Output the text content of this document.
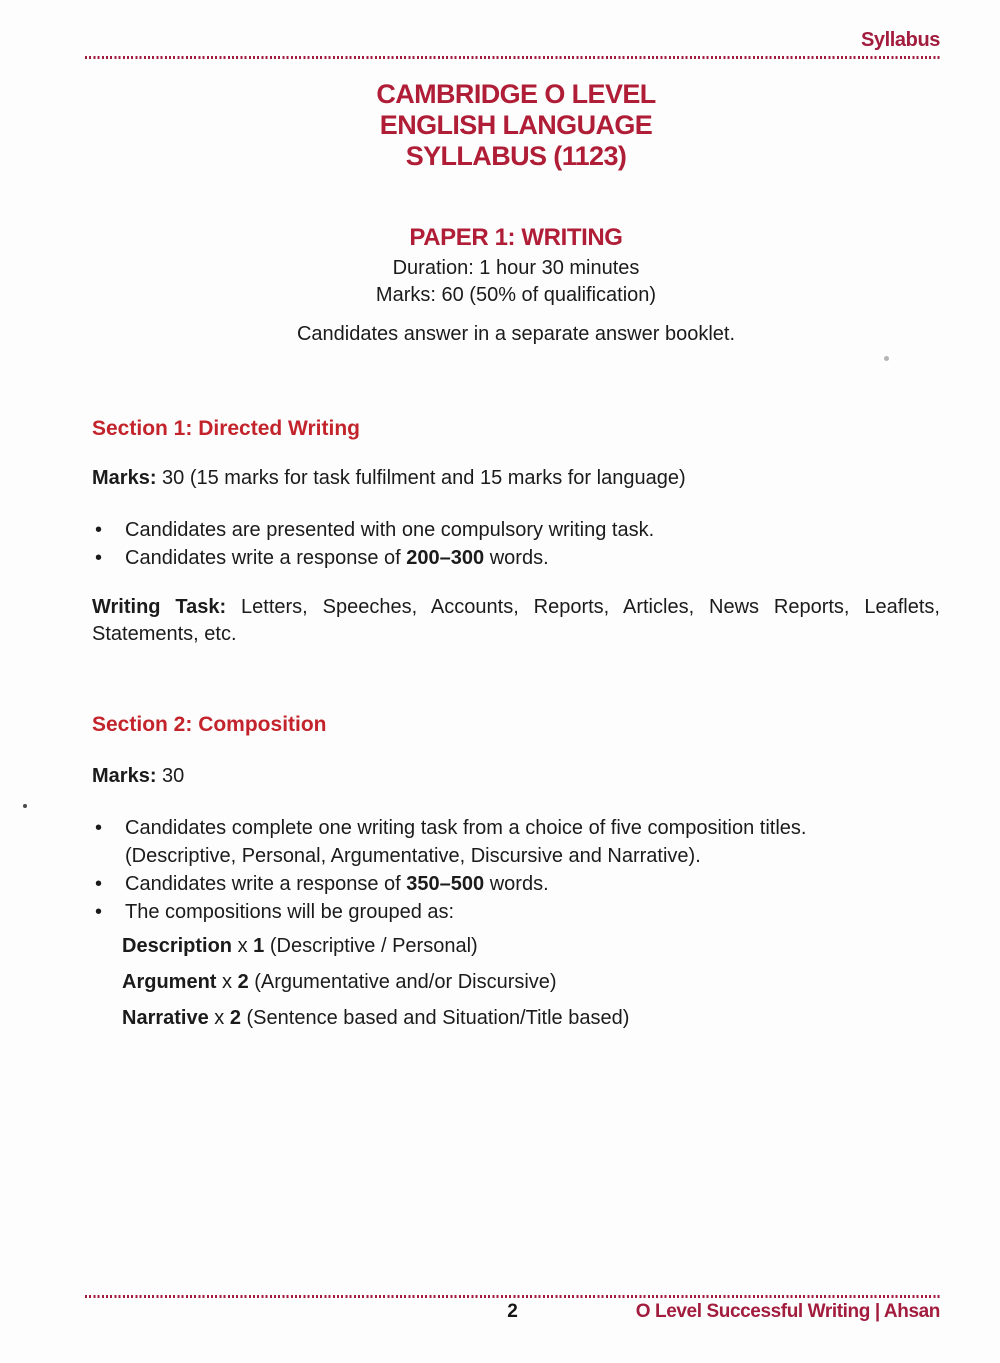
Syllabus
CAMBRIDGE O LEVEL
ENGLISH LANGUAGE
SYLLABUS (1123)
PAPER 1: WRITING
Duration: 1 hour 30 minutes
Marks: 60 (50% of qualification)
Candidates answer in a separate answer booklet.
Section 1: Directed Writing
Marks: 30 (15 marks for task fulfilment and 15 marks for language)
•	Candidates are presented with one compulsory writing task.
•	Candidates write a response of 200–300 words.
Writing Task: Letters, Speeches, Accounts, Reports, Articles, News Reports, Leaflets, Statements, etc.
Section 2: Composition
Marks: 30
•	Candidates complete one writing task from a choice of five composition titles.
(Descriptive, Personal, Argumentative, Discursive and Narrative).
•	Candidates write a response of 350–500 words.
•	The compositions will be grouped as:
Description x 1 (Descriptive / Personal)
Argument x 2 (Argumentative and/or Discursive)
Narrative x 2 (Sentence based and Situation/Title based)
2	O Level Successful Writing | Ahsan
